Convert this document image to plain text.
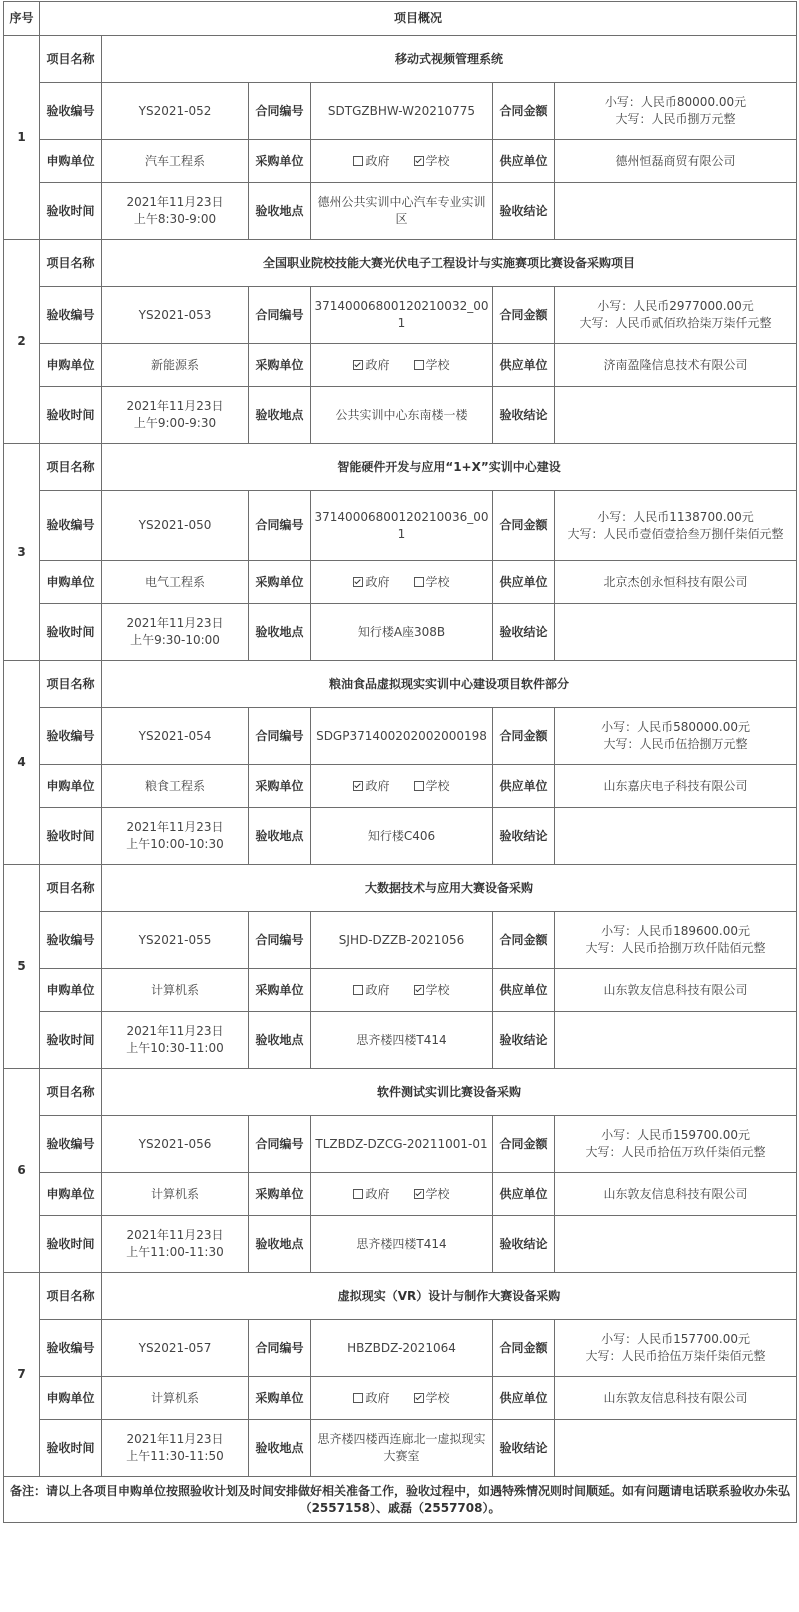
序号	项目概况					
1	项目名称	移动式视频管理系统				
	验收编号	YS2021-052	合同编号	SDTGZBHW-W20210775	合同金额	小写：人民币80000.00元
大写：人民币捌万元整

	申购单位	汽车工程系	采购单位	政府 学校	供应单位	德州恒磊商贸有限公司
	验收时间	2021年11月23日
上午8:30-9:00	验收地点	德州公共实训中心汽车专业实训区	验收结论	
2	项目名称	全国职业院校技能大赛光伏电子工程设计与实施赛项比赛设备采购项目				
	验收编号	YS2021-053	合同编号	37140006800120210032_001	合同金额	小写：人民币2977000.00元
大写：人民币贰佰玖拾柒万柒仟元整

	申购单位	新能源系	采购单位	政府 学校	供应单位	济南盈隆信息技术有限公司
	验收时间	2021年11月23日
上午9:00-9:30	验收地点	公共实训中心东南楼一楼	验收结论	
3	项目名称	智能硬件开发与应用“1+X”实训中心建设				
	验收编号	YS2021-050	合同编号	37140006800120210036_001	合同金额	小写：人民币1138700.00元
大写：人民币壹佰壹拾叁万捌仟柒佰元整

	申购单位	电气工程系	采购单位	政府 学校	供应单位	北京杰创永恒科技有限公司
	验收时间	2021年11月23日
上午9:30-10:00	验收地点	知行楼A座308B	验收结论	
4	项目名称	粮油食品虚拟现实实训中心建设项目软件部分				
	验收编号	YS2021-054	合同编号	SDGP371400202002000198	合同金额	小写：人民币580000.00元
大写：人民币伍拾捌万元整

	申购单位	粮食工程系	采购单位	政府 学校	供应单位	山东嘉庆电子科技有限公司
	验收时间	2021年11月23日
上午10:00-10:30	验收地点	知行楼C406	验收结论	
5	项目名称	大数据技术与应用大赛设备采购				
	验收编号	YS2021-055	合同编号	SJHD-DZZB-2021056	合同金额	小写：人民币189600.00元
大写：人民币拾捌万玖仟陆佰元整

	申购单位	计算机系	采购单位	政府 学校	供应单位	山东敦友信息科技有限公司
	验收时间	2021年11月23日
上午10:30-11:00	验收地点	思齐楼四楼T414	验收结论	
6	项目名称	软件测试实训比赛设备采购				
	验收编号	YS2021-056	合同编号	TLZBDZ-DZCG-20211001-01	合同金额	小写：人民币159700.00元
大写：人民币拾伍万玖仟柒佰元整

	申购单位	计算机系	采购单位	政府 学校	供应单位	山东敦友信息科技有限公司
	验收时间	2021年11月23日
上午11:00-11:30	验收地点	思齐楼四楼T414	验收结论	
7	项目名称	虚拟现实（VR）设计与制作大赛设备采购				
	验收编号	YS2021-057	合同编号	HBZBDZ-2021064	合同金额	小写：人民币157700.00元
大写：人民币拾伍万柒仟柒佰元整

	申购单位	计算机系	采购单位	政府 学校	供应单位	山东敦友信息科技有限公司
	验收时间	2021年11月23日
上午11:30-11:50	验收地点	思齐楼四楼西连廊北一虚拟现实大赛室	验收结论	
备注：请以上各项目申购单位按照验收计划及时间安排做好相关准备工作，验收过程中，如遇特殊情况则时间顺延。如有问题请电话联系验收办朱弘（2557158）、戚磊（2557708）。						
